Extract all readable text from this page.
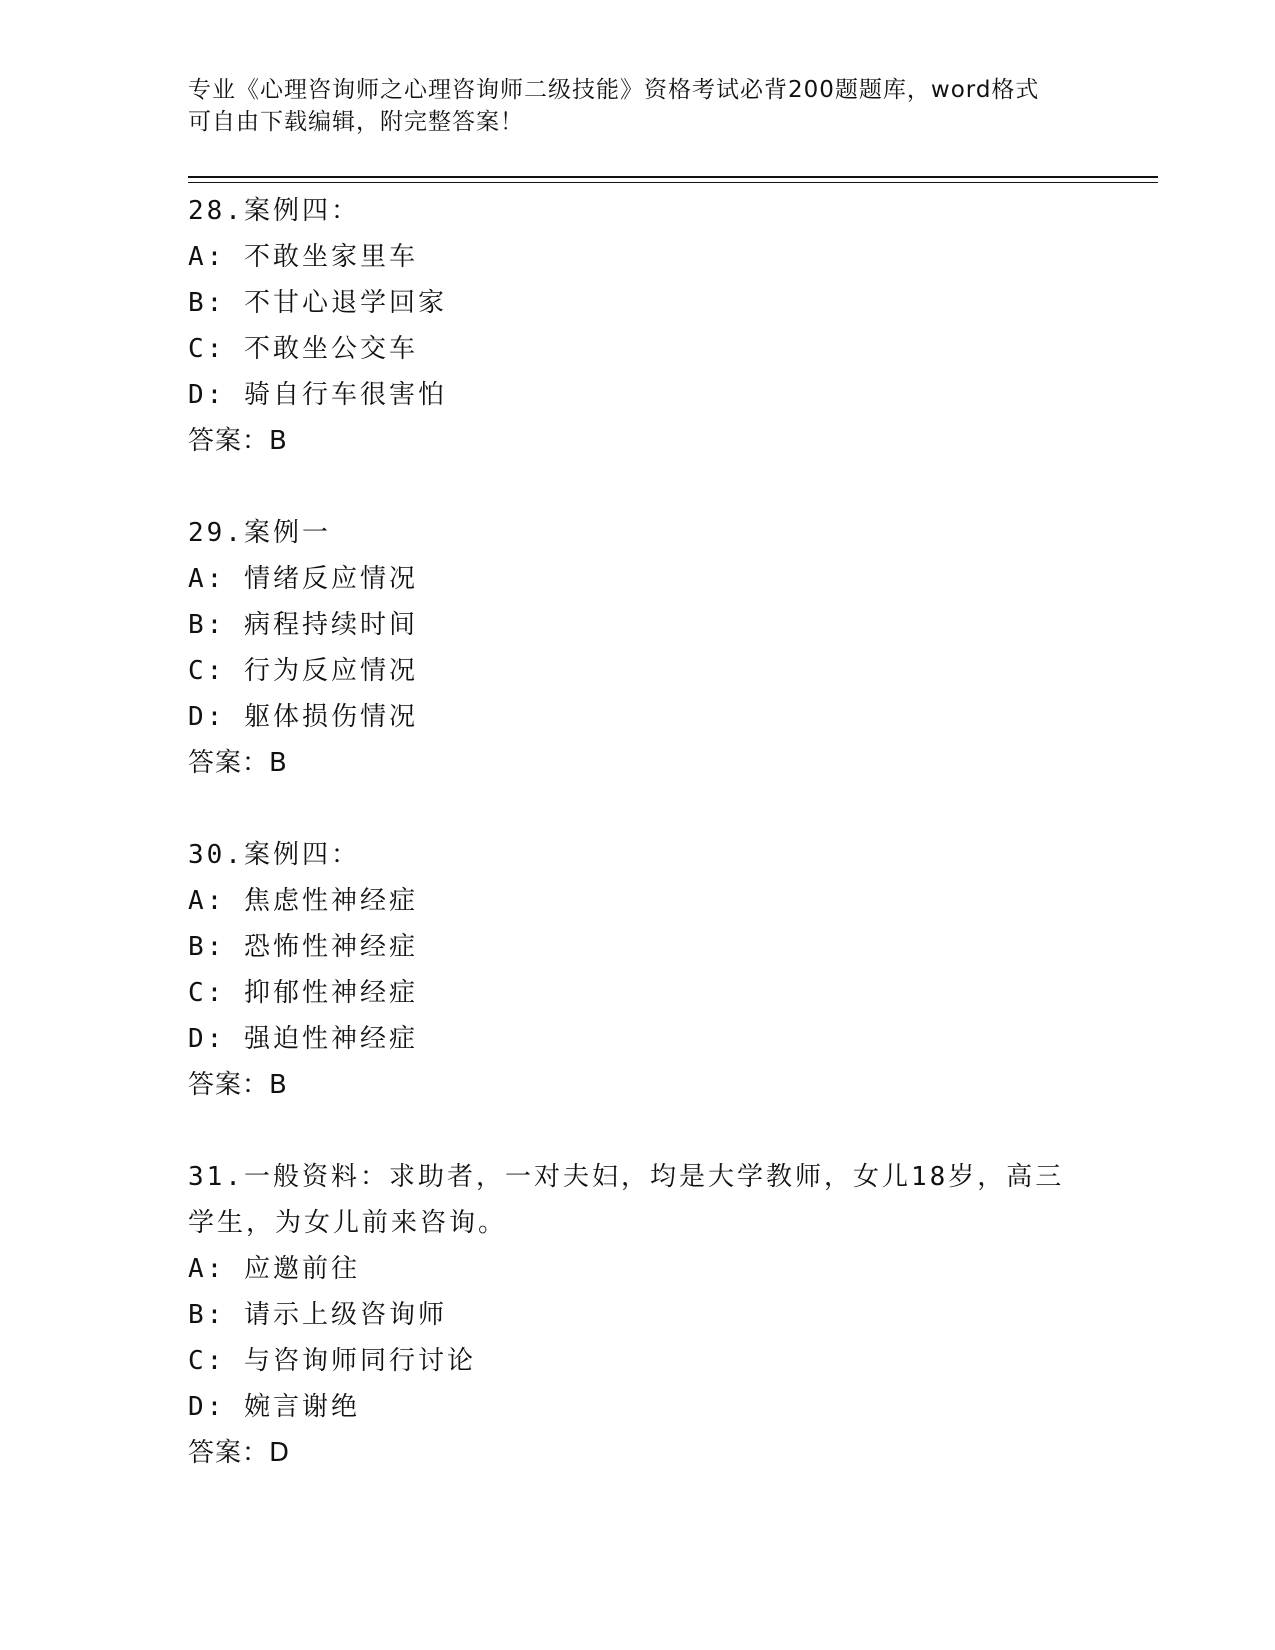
专业《心理咨询师之心理咨询师二级技能》资格考试必背200题题库，word格式
可自由下载编辑，附完整答案！
28.案例四：
A: 不敢坐家里车
B: 不甘心退学回家
C: 不敢坐公交车
D: 骑自行车很害怕
答案：B
29.案例一
A: 情绪反应情况
B: 病程持续时间
C: 行为反应情况
D: 躯体损伤情况
答案：B
30.案例四：
A: 焦虑性神经症
B: 恐怖性神经症
C: 抑郁性神经症
D: 强迫性神经症
答案：B
31.一般资料：求助者，一对夫妇，均是大学教师，女儿18岁，高三学生，为女儿前来咨询。
A: 应邀前往
B: 请示上级咨询师
C: 与咨询师同行讨论
D: 婉言谢绝
答案：D
